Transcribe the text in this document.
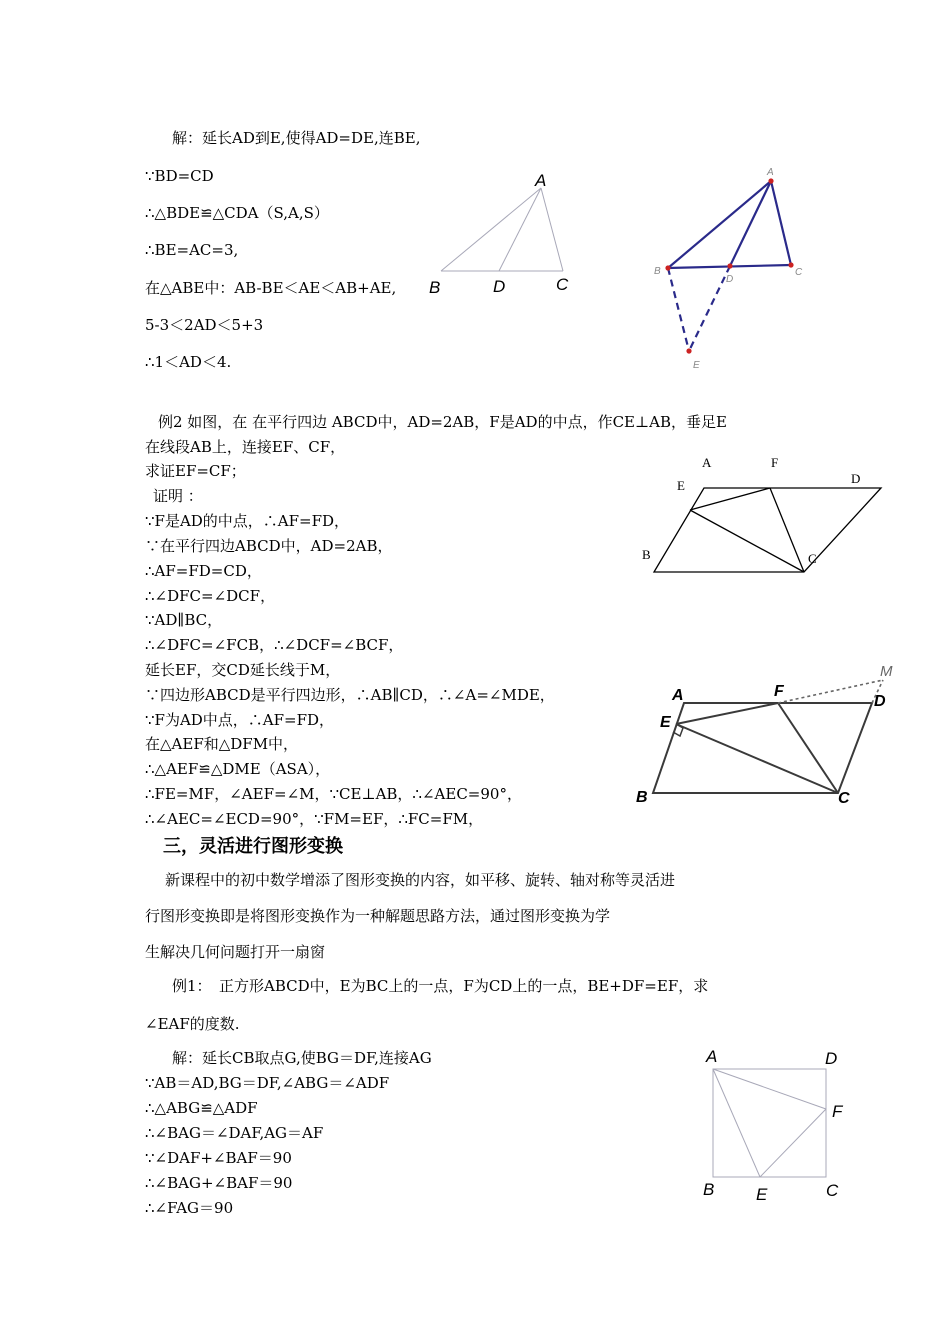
解：延长AD到E,使得AD=DE,连BE,
∵BD=CD
∴△BDE≌△CDA（S,A,S）
∴BE=AC=3,
在△ABE中：AB-BE＜AE＜AB+AE,
5-3＜2AD＜5+3
∴1＜AD＜4.
A
B	D	C
A
B
D
C
E
例2 如图，在 在平行四边 ABCD中，AD=2AB，F是AD的中点，作CE⊥AB，垂足E
在线段AB上，连接EF、CF，
求证EF=CF；
证明 ：
∵F是AD的中点，∴AF=FD，
∵在平行四边ABCD中，AD=2AB，
∴AF=FD=CD，
∴∠DFC=∠DCF，
∵AD∥BC，
∴∠DFC=∠FCB，∴∠DCF=∠BCF，
延长EF，交CD延长线于M，
∵四边形ABCD是平行四边形，∴AB∥CD，∴∠A=∠MDE，
∵F为AD中点，∴AF=FD，
在△AEF和△DFM中，
∴△AEF≌△DME（ASA），
∴FE=MF，∠AEF=∠M，∵CE⊥AB，∴∠AEC=90°，
∴∠AEC=∠ECD=90°，∵FM=EF，∴FC=FM，
A	F
D
E
B	C
A	F
D
E
B	C
M
三，灵活进行图形变换
新课程中的初中数学增添了图形变换的内容，如平移、旋转、轴对称等灵活进
行图形变换即是将图形变换作为一种解题思路方法，通过图形变换为学
生解决几何问题打开一扇窗
例1：　正方形ABCD中，E为BC上的一点，F为CD上的一点，BE+DF=EF，求
∠EAF的度数.
解：延长CB取点G,使BG＝DF,连接AG
∵AB＝AD,BG＝DF,∠ABG＝∠ADF
∴△ABG≌△ADF
∴∠BAG＝∠DAF,AG＝AF
∵∠DAF+∠BAF＝90
∴∠BAG+∠BAF＝90
∴∠FAG＝90
A	D
F
B E	C
